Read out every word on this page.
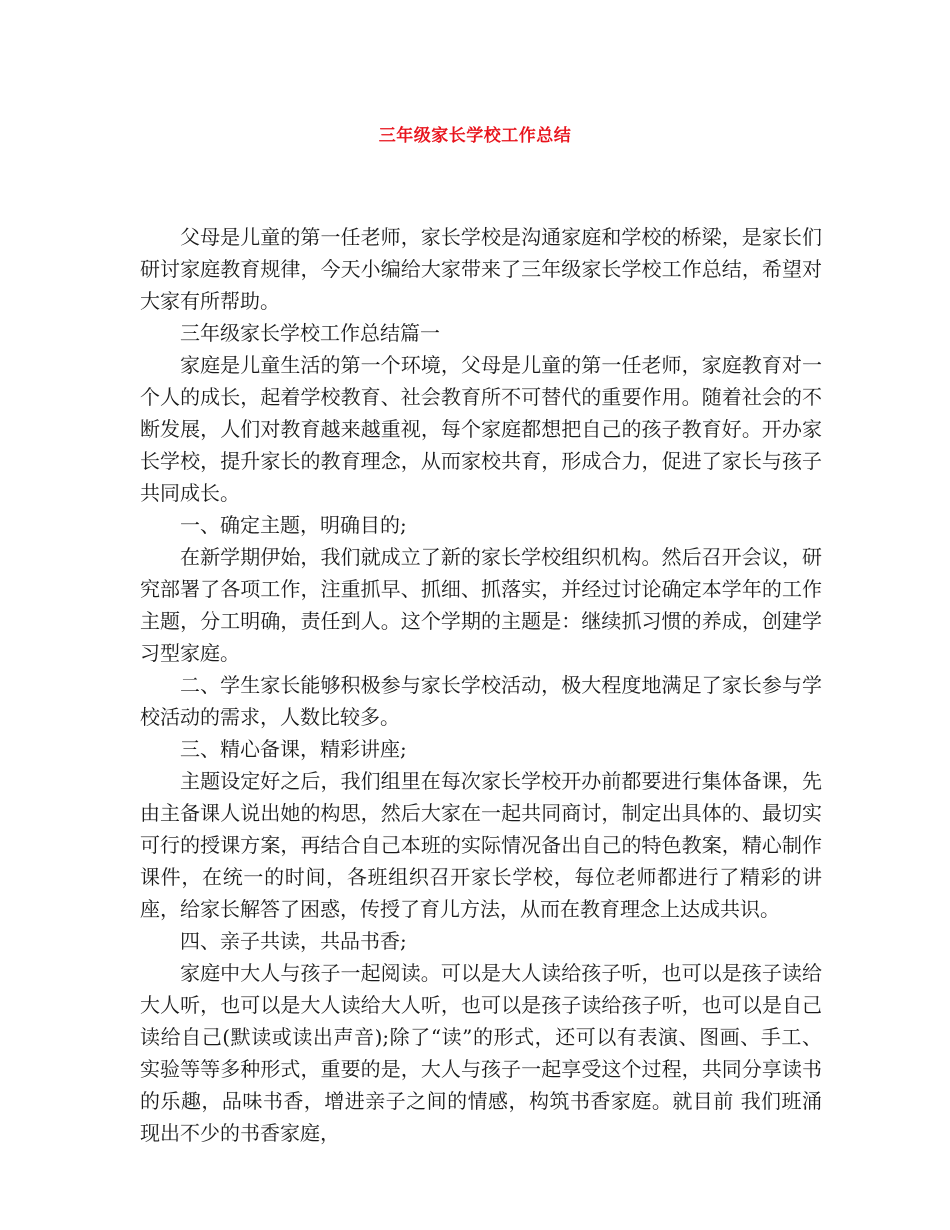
三年级家长学校工作总结

父母是儿童的第一任老师，家长学校是沟通家庭和学校的桥梁，是家长们研讨家庭教育规律，今天小编给大家带来了三年级家长学校工作总结，希望对大家有所帮助。

三年级家长学校工作总结篇一

家庭是儿童生活的第一个环境，父母是儿童的第一任老师，家庭教育对一个人的成长，起着学校教育、社会教育所不可替代的重要作用。随着社会的不断发展，人们对教育越来越重视，每个家庭都想把自己的孩子教育好。开办家长学校，提升家长的教育理念，从而家校共育，形成合力，促进了家长与孩子共同成长。

一、确定主题，明确目的;

在新学期伊始，我们就成立了新的家长学校组织机构。然后召开会议，研究部署了各项工作，注重抓早、抓细、抓落实，并经过讨论确定本学年的工作主题，分工明确，责任到人。这个学期的主题是：继续抓习惯的养成，创建学习型家庭。

二、学生家长能够积极参与家长学校活动，极大程度地满足了家长参与学校活动的需求，人数比较多。

三、精心备课，精彩讲座;

主题设定好之后，我们组里在每次家长学校开办前都要进行集体备课，先由主备课人说出她的构思，然后大家在一起共同商讨，制定出具体的、最切实可行的授课方案，再结合自己本班的实际情况备出自己的特色教案，精心制作课件，在统一的时间，各班组织召开家长学校，每位老师都进行了精彩的讲座，给家长解答了困惑，传授了育儿方法，从而在教育理念上达成共识。

四、亲子共读，共品书香;

家庭中大人与孩子一起阅读。可以是大人读给孩子听，也可以是孩子读给大人听，也可以是大人读给大人听，也可以是孩子读给孩子听，也可以是自己读给自己(默读或读出声音);除了“读”的形式，还可以有表演、图画、手工、实验等等多种形式，重要的是，大人与孩子一起享受这个过程，共同分享读书的乐趣，品味书香，增进亲子之间的情感，构筑书香家庭。就目前 我们班涌现出不少的书香家庭，
